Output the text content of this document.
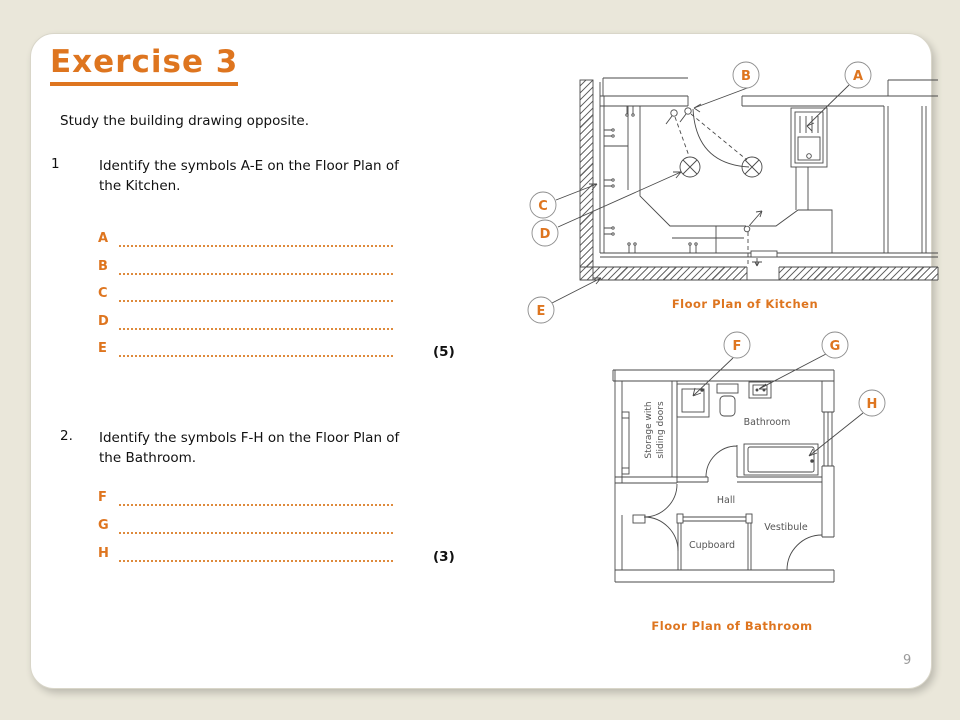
Exercise 3
Study the building drawing opposite.
1	Identify the symbols A-E on the Floor Plan of
the Kitchen.
A
B
C
D
E	(5)
2. Identify the symbols F-H on the Floor Plan of
the Bathroom.
F
G
H	(3)
Bathroom
Hall
Vestibule
Cupboard
Storage with sliding doors
A
B
C
D
E
F	G
H
Floor Plan of Kitchen
Floor Plan of Bathroom
9
